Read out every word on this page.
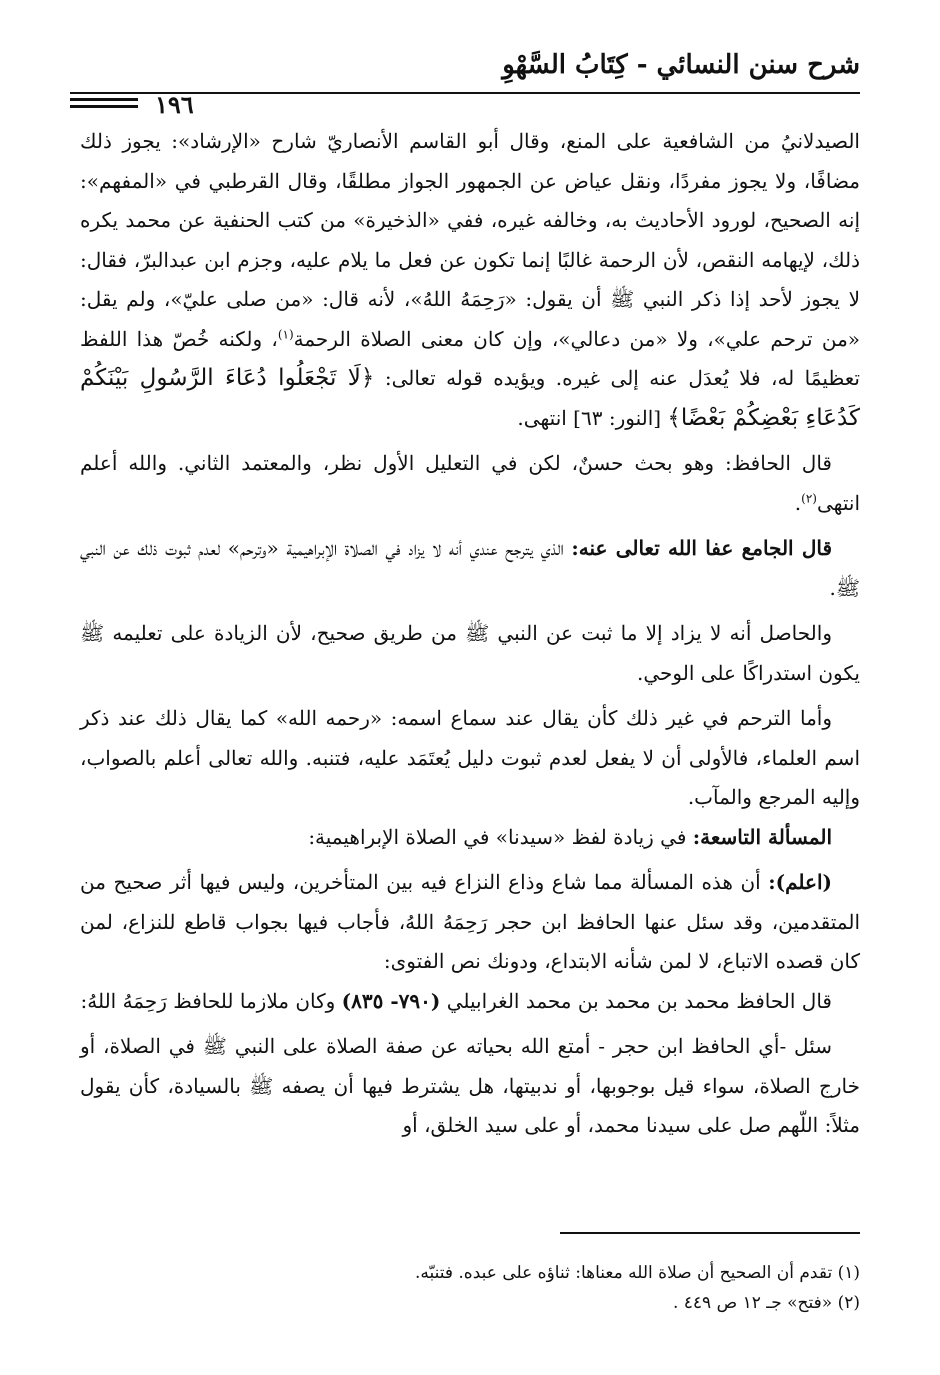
شرح سنن النسائي - كِتَابُ السَّهْوِ
١٩٦

الصيدلانيُ من الشافعية على المنع، وقال أبو القاسم الأنصاريّ شارح «الإرشاد»: يجوز ذلك مضافًا، ولا يجوز مفردًا، ونقل عياض عن الجمهور الجواز مطلقًا، وقال القرطبي في «المفهم»: إنه الصحيح، لورود الأحاديث به، وخالفه غيره، ففي «الذخيرة» من كتب الحنفية عن محمد يكره ذلك، لإيهامه النقص، لأن الرحمة غالبًا إنما تكون عن فعل ما يلام عليه، وجزم ابن عبدالبرّ، فقال: لا يجوز لأحد إذا ذكر النبي ﷺ أن يقول: «رَحِمَهُ اللهُ»، لأنه قال: «من صلى عليّ»، ولم يقل: «من ترحم علي»، ولا «من دعالي»، وإن كان معنى الصلاة الرحمة$^{(١)}$، ولكنه خُصّ هذا اللفظ تعظيمًا له، فلا يُعدَل عنه إلى غيره. ويؤيده قوله تعالى: ﴿لَا تَجْعَلُوا دُعَاءَ الرَّسُولِ بَيْنَكُمْ كَدُعَاءِ بَعْضِكُمْ بَعْضًا﴾ [النور: ٦٣] انتهى.

قال الحافظ: وهو بحث حسنٌ، لكن في التعليل الأول نظر، والمعتمد الثاني. والله أعلم انتهى$^{(٢)}$.

قال الجامع عفا الله تعالى عنه: الذي يترجح عندي أنه لا يزاد في الصلاة الإبراهيمية «وترحم» لعدم ثبوت ذلك عن النبي ﷺ.

والحاصل أنه لا يزاد إلا ما ثبت عن النبي ﷺ من طريق صحيح، لأن الزيادة على تعليمه ﷺ يكون استدراكًا على الوحي.

وأما الترحم في غير ذلك كأن يقال عند سماع اسمه: «رحمه الله» كما يقال ذلك عند ذكر اسم العلماء، فالأولى أن لا يفعل لعدم ثبوت دليل يُعتَمَد عليه، فتنبه. والله تعالى أعلم بالصواب، وإليه المرجع والمآب.

المسألة التاسعة: في زيادة لفظ «سيدنا» في الصلاة الإبراهيمية:

(اعلم): أن هذه المسألة مما شاع وذاع النزاع فيه بين المتأخرين، وليس فيها أثر صحيح من المتقدمين، وقد سئل عنها الحافظ ابن حجر رَحِمَهُ اللهُ، فأجاب فيها بجواب قاطع للنزاع، لمن كان قصده الاتباع، لا لمن شأنه الابتداع، ودونك نص الفتوى:

قال الحافظ محمد بن محمد بن محمد الغرابيلي (٧٩٠- ٨٣٥) وكان ملازما للحافظ رَحِمَهُ اللهُ:

سئل -أي الحافظ ابن حجر - أمتع الله بحياته عن صفة الصلاة على النبي ﷺ في الصلاة، أو خارج الصلاة، سواء قيل بوجوبها، أو ندبيتها، هل يشترط فيها أن يصفه ﷺ بالسيادة، كأن يقول مثلاً: اللّهم صل على سيدنا محمد، أو على سيد الخلق، أو

(١) تقدم أن الصحيح أن صلاة الله معناها: ثناؤه على عبده. فتنبّه.

(٢) «فتح» جـ ١٢ ص ٤٤٩ .
